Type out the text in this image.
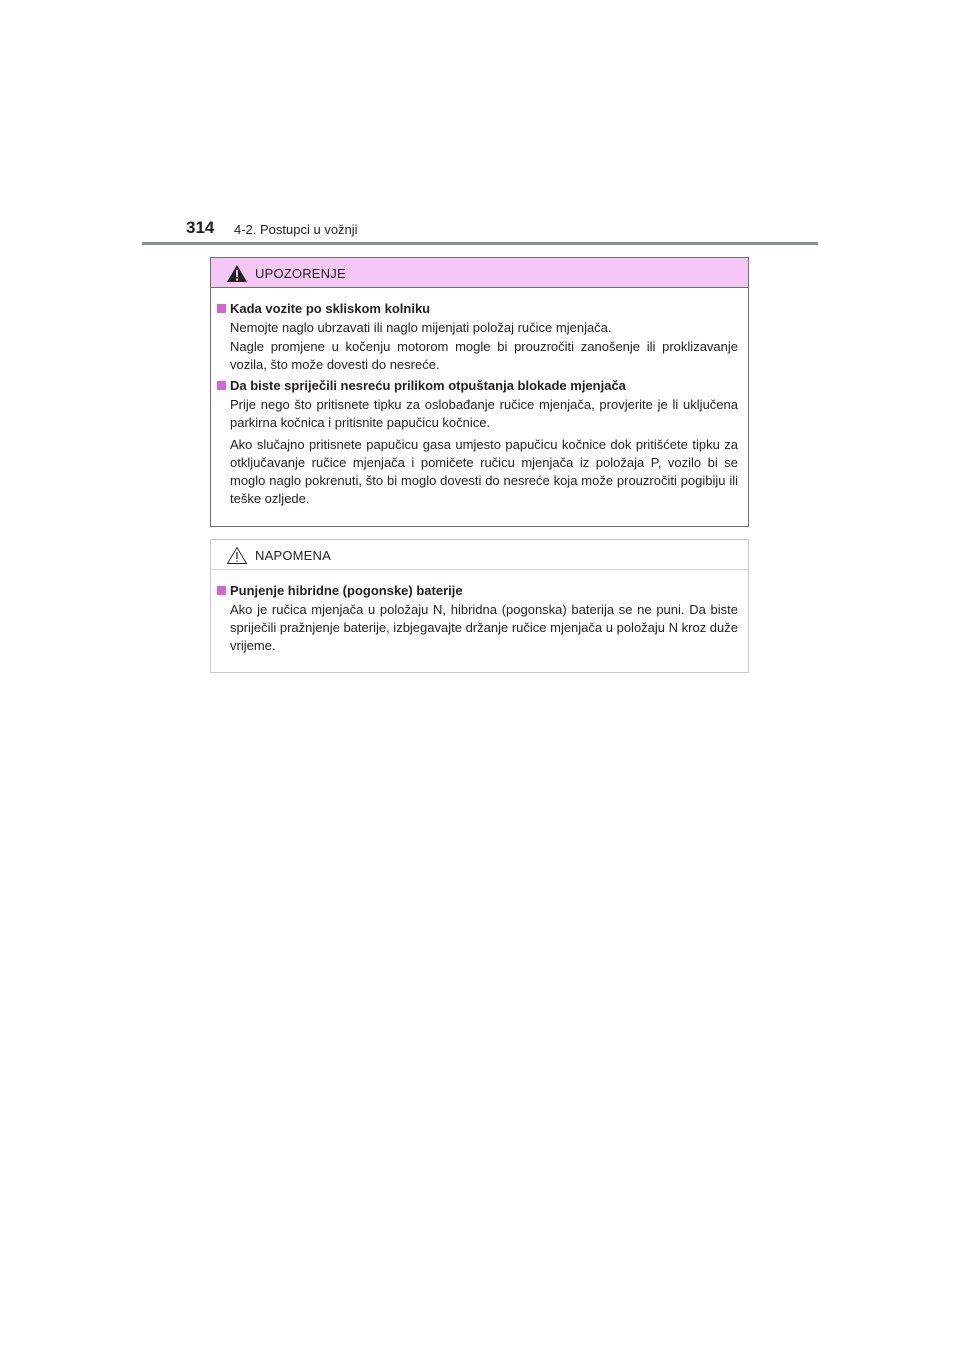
314 4-2. Postupci u vožnji
UPOZORENJE
Kada vozite po skliskom kolniku
Nemojte naglo ubrzavati ili naglo mijenjati položaj ručice mjenjača.
Nagle promjene u kočenju motorom mogle bi prouzročiti zanošenje ili proklizavanje vozila, što može dovesti do nesreće.
Da biste spriječili nesreću prilikom otpuštanja blokade mjenjača
Prije nego što pritisnete tipku za oslobađanje ručice mjenjača, provjerite je li uključena parkirna kočnica i pritisnite papučicu kočnice.
Ako slučajno pritisnete papučicu gasa umjesto papučicu kočnice dok pritišćete tipku za otključavanje ručice mjenjača i pomičete ručicu mjenjača iz položaja P, vozilo bi se moglo naglo pokrenuti, što bi moglo dovesti do nesreće koja može prouzročiti pogibiju ili teške ozljede.
NAPOMENA
Punjenje hibridne (pogonske) baterije
Ako je ručica mjenjača u položaju N, hibridna (pogonska) baterija se ne puni. Da biste spriječili pražnjenje baterije, izbjegavajte držanje ručice mjenjača u položaju N kroz duže vrijeme.
